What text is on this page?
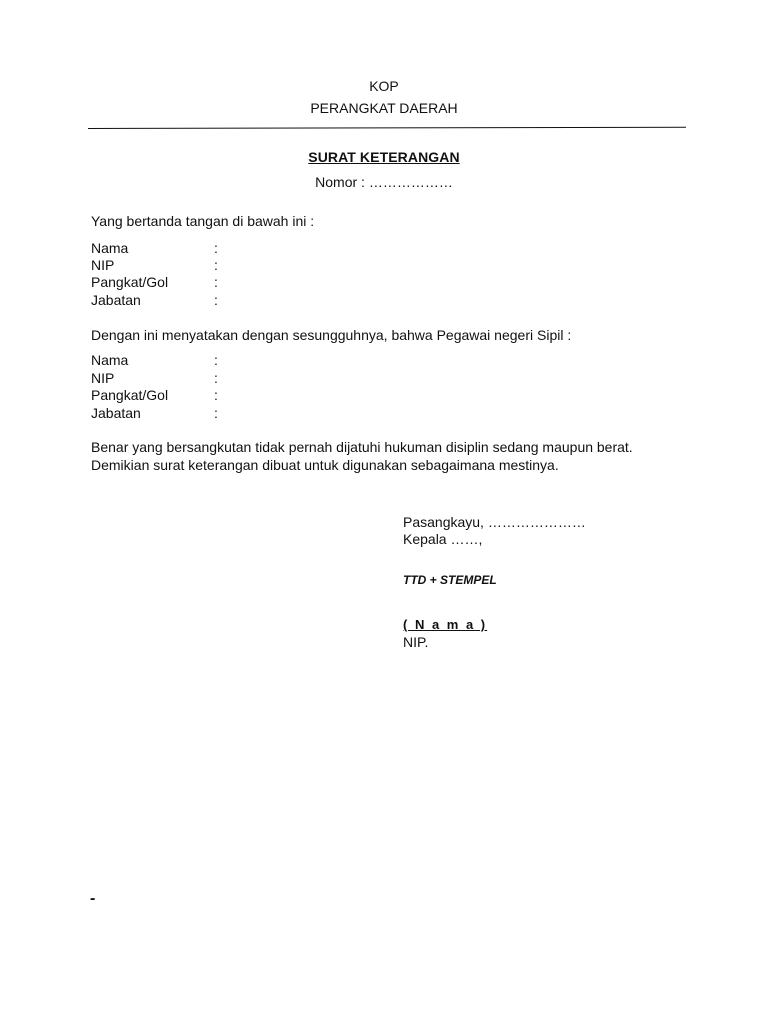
KOP
PERANGKAT DAERAH
SURAT KETERANGAN
Nomor : ………………
Yang bertanda tangan di bawah ini :
Nama	:
NIP	:
Pangkat/Gol	:
Jabatan	:
Dengan ini menyatakan dengan sesungguhnya, bahwa Pegawai negeri Sipil :
Nama	:
NIP	:
Pangkat/Gol	:
Jabatan	:
Benar yang bersangkutan tidak pernah dijatuhi hukuman disiplin sedang maupun berat.
Demikian surat keterangan dibuat untuk digunakan sebagaimana mestinya.
Pasangkayu, …………………
Kepala ……,
TTD + STEMPEL
( N a m a )
NIP.
-
